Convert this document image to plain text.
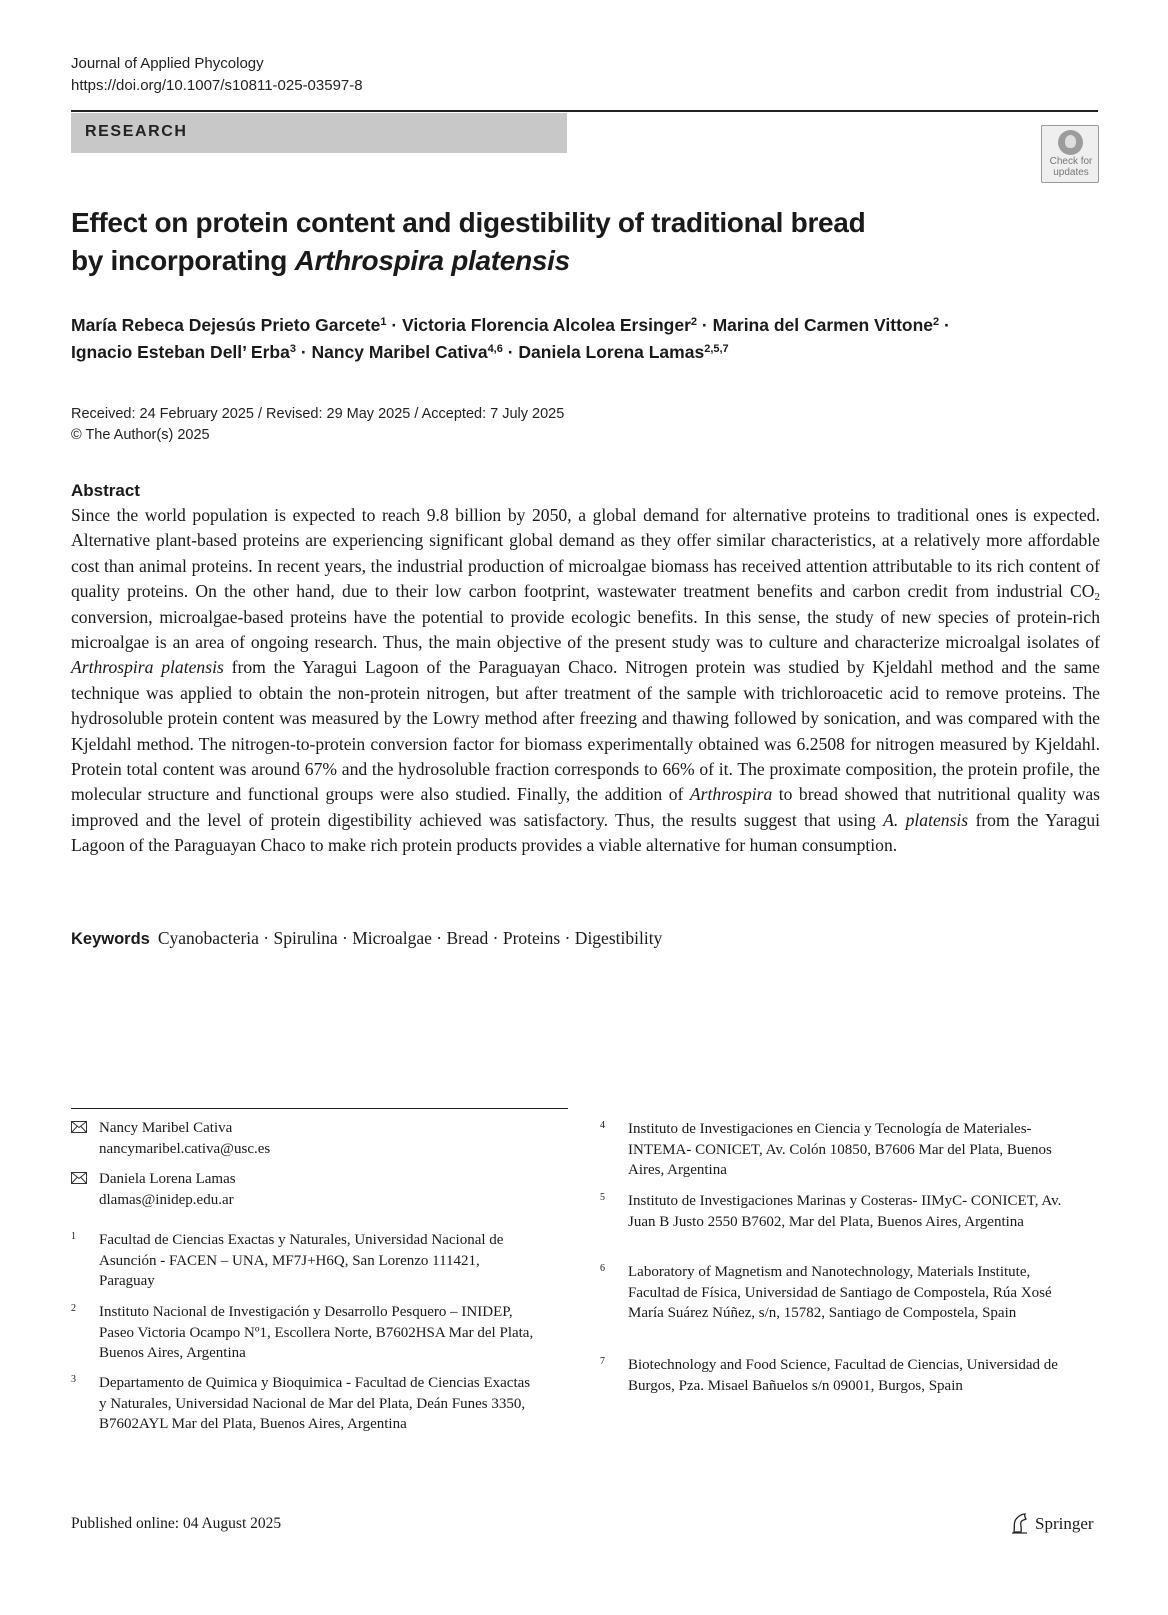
Journal of Applied Phycology
https://doi.org/10.1007/s10811-025-03597-8
RESEARCH
Check for
updates
Effect on protein content and digestibility of traditional bread
by incorporating Arthrospira platensis
María Rebeca Dejesús Prieto Garcete$^1$ · Victoria Florencia Alcolea Ersinger$^2$ · Marina del Carmen Vittone$^2$ ·
Ignacio Esteban Dell’ Erba$^3$ · Nancy Maribel Cativa$^{4,6}$ · Daniela Lorena Lamas$^{2,5,7}$
Received: 24 February 2025 / Revised: 29 May 2025 / Accepted: 7 July 2025
© The Author(s) 2025
Abstract
Since the world population is expected to reach 9.8 billion by 2050, a global demand for alternative proteins to traditional ones is expected. Alternative plant-based proteins are experiencing significant global demand as they offer similar characteristics, at a relatively more affordable cost than animal proteins. In recent years, the industrial production of microalgae biomass has received attention attributable to its rich content of quality proteins. On the other hand, due to their low carbon footprint, wastewater treatment benefits and carbon credit from industrial $CO_2$ conversion, microalgae-based proteins have the potential to provide ecologic benefits. In this sense, the study of new species of protein-rich microalgae is an area of ongoing research. Thus, the main objective of the present study was to culture and characterize microalgal isolates of Arthrospira platensis from the Yaragui Lagoon of the Paraguayan Chaco. Nitrogen protein was studied by Kjeldahl method and the same technique was applied to obtain the non-protein nitrogen, but after treatment of the sample with trichloroacetic acid to remove proteins. The hydrosoluble protein content was measured by the Lowry method after freezing and thawing followed by sonication, and was compared with the Kjeldahl method. The nitrogen-to-protein conversion factor for biomass experimentally obtained was 6.2508 for nitrogen measured by Kjeldahl. Protein total content was around 67% and the hydrosoluble fraction corresponds to 66% of it. The proximate composition, the protein profile, the molecular structure and functional groups were also studied. Finally, the addition of Arthrospira to bread showed that nutritional quality was improved and the level of protein digestibility achieved was satisfactory. Thus, the results suggest that using A. platensis from the Yaragui Lagoon of the Paraguayan Chaco to make rich protein products provides a viable alternative for human consumption.
Keywords Cyanobacteria · Spirulina · Microalgae · Bread · Proteins · Digestibility
Nancy Maribel Cativa
nancymaribel.cativa@usc.es
Daniela Lorena Lamas
dlamas@inidep.edu.ar
1 Facultad de Ciencias Exactas y Naturales, Universidad Nacional de Asunción - FACEN – UNA, MF7J+H6Q, San Lorenzo 111421, Paraguay
2 Instituto Nacional de Investigación y Desarrollo Pesquero – INIDEP, Paseo Victoria Ocampo Nº1, Escollera Norte, B7602HSA Mar del Plata, Buenos Aires, Argentina
3 Departamento de Quimica y Bioquimica - Facultad de Ciencias Exactas y Naturales, Universidad Nacional de Mar del Plata, Deán Funes 3350, B7602AYL Mar del Plata, Buenos Aires, Argentina
4 Instituto de Investigaciones en Ciencia y Tecnología de Materiales- INTEMA- CONICET, Av. Colón 10850, B7606 Mar del Plata, Buenos Aires, Argentina
5 Instituto de Investigaciones Marinas y Costeras- IIMyC- CONICET, Av. Juan B Justo 2550 B7602, Mar del Plata, Buenos Aires, Argentina
6 Laboratory of Magnetism and Nanotechnology, Materials Institute, Facultad de Física, Universidad de Santiago de Compostela, Rúa Xosé María Suárez Núñez, s/n, 15782, Santiago de Compostela, Spain
7 Biotechnology and Food Science, Facultad de Ciencias, Universidad de Burgos, Pza. Misael Bañuelos s/n 09001, Burgos, Spain
Published online: 04 August 2025	Springer
